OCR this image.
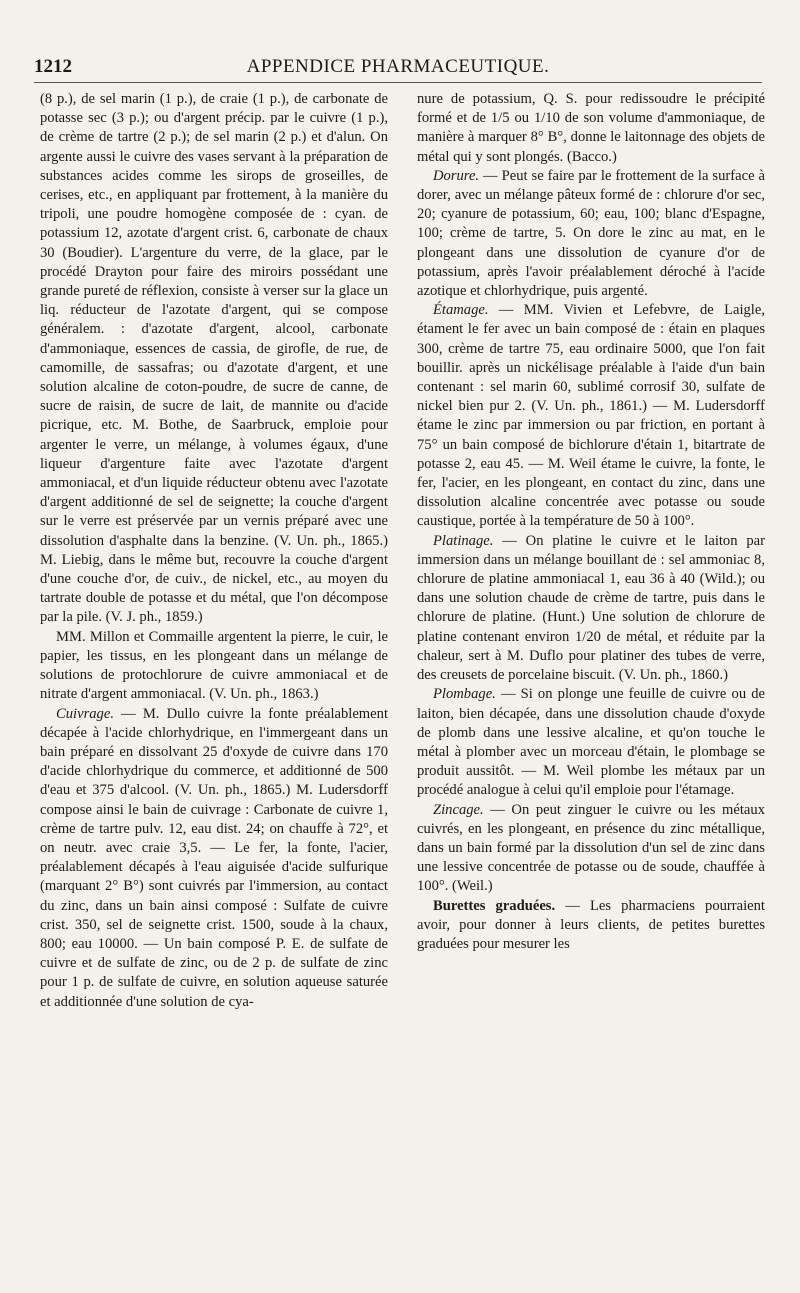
1212	APPENDICE PHARMACEUTIQUE.

(8 p.), de sel marin (1 p.), de craie (1 p.), de carbonate de potasse sec (3 p.); ou d'argent précip. par le cuivre (1 p.), de crème de tartre (2 p.); de sel marin (2 p.) et d'alun. On argente aussi le cuivre des vases servant à la préparation de substances acides comme les sirops de groseilles, de cerises, etc., en appliquant par frottement, à la manière du tripoli, une poudre homogène composée de : cyan. de potassium 12, azotate d'argent crist. 6, carbonate de chaux 30 (Boudier). L'argenture du verre, de la glace, par le procédé Drayton pour faire des miroirs possédant une grande pureté de réflexion, consiste à verser sur la glace un liq. réducteur de l'azotate d'argent, qui se compose généralem. : d'azotate d'argent, alcool, carbonate d'ammoniaque, essences de cassia, de girofle, de rue, de camomille, de sassafras; ou d'azotate d'argent, et une solution alcaline de coton-poudre, de sucre de canne, de sucre de raisin, de sucre de lait, de mannite ou d'acide picrique, etc. M. Bothe, de Saarbruck, emploie pour argenter le verre, un mélange, à volumes égaux, d'une liqueur d'argenture faite avec l'azotate d'argent ammoniacal, et d'un liquide réducteur obtenu avec l'azotate d'argent additionné de sel de seignette; la couche d'argent sur le verre est préservée par un vernis préparé avec une dissolution d'asphalte dans la benzine. (V. Un. ph., 1865.) M. Liebig, dans le même but, recouvre la couche d'argent d'une couche d'or, de cuiv., de nickel, etc., au moyen du tartrate double de potasse et du métal, que l'on décompose par la pile. (V. J. ph., 1859.)

MM. Millon et Commaille argentent la pierre, le cuir, le papier, les tissus, en les plongeant dans un mélange de solutions de protochlorure de cuivre ammoniacal et de nitrate d'argent ammoniacal. (V. Un. ph., 1863.)

Cuivrage. — M. Dullo cuivre la fonte préalablement décapée à l'acide chlorhydrique, en l'immergeant dans un bain préparé en dissolvant 25 d'oxyde de cuivre dans 170 d'acide chlorhydrique du commerce, et additionné de 500 d'eau et 375 d'alcool. (V. Un. ph., 1865.) M. Ludersdorff compose ainsi le bain de cuivrage : Carbonate de cuivre 1, crème de tartre pulv. 12, eau dist. 24; on chauffe à 72°, et on neutr. avec craie 3,5. — Le fer, la fonte, l'acier, préalablement décapés à l'eau aiguisée d'acide sulfurique (marquant 2° B°) sont cuivrés par l'immersion, au contact du zinc, dans un bain ainsi composé : Sulfate de cuivre crist. 350, sel de seignette crist. 1500, soude à la chaux, 800; eau 10000. — Un bain composé P. E. de sulfate de cuivre et de sulfate de zinc, ou de 2 p. de sulfate de zinc pour 1 p. de sulfate de cuivre, en solution aqueuse saturée et additionnée d'une solution de cya-

nure de potassium, Q. S. pour redissoudre le précipité formé et de 1/5 ou 1/10 de son volume d'ammoniaque, de manière à marquer 8° B°, donne le laitonnage des objets de métal qui y sont plongés. (Bacco.)

Dorure. — Peut se faire par le frottement de la surface à dorer, avec un mélange pâteux formé de : chlorure d'or sec, 20; cyanure de potassium, 60; eau, 100; blanc d'Espagne, 100; crème de tartre, 5. On dore le zinc au mat, en le plongeant dans une dissolution de cyanure d'or de potassium, après l'avoir préalablement déroché à l'acide azotique et chlorhydrique, puis argenté.

Étamage. — MM. Vivien et Lefebvre, de Laigle, étament le fer avec un bain composé de : étain en plaques 300, crème de tartre 75, eau ordinaire 5000, que l'on fait bouillir. après un nickélisage préalable à l'aide d'un bain contenant : sel marin 60, sublimé corrosif 30, sulfate de nickel bien pur 2. (V. Un. ph., 1861.) — M. Ludersdorff étame le zinc par immersion ou par friction, en portant à 75° un bain composé de bichlorure d'étain 1, bitartrate de potasse 2, eau 45. — M. Weil étame le cuivre, la fonte, le fer, l'acier, en les plongeant, en contact du zinc, dans une dissolution alcaline concentrée avec potasse ou soude caustique, portée à la température de 50 à 100°.

Platinage. — On platine le cuivre et le laiton par immersion dans un mélange bouillant de : sel ammoniac 8, chlorure de platine ammoniacal 1, eau 36 à 40 (Wild.); ou dans une solution chaude de crème de tartre, puis dans le chlorure de platine. (Hunt.) Une solution de chlorure de platine contenant environ 1/20 de métal, et réduite par la chaleur, sert à M. Duflo pour platiner des tubes de verre, des creusets de porcelaine biscuit. (V. Un. ph., 1860.)

Plombage. — Si on plonge une feuille de cuivre ou de laiton, bien décapée, dans une dissolution chaude d'oxyde de plomb dans une lessive alcaline, et qu'on touche le métal à plomber avec un morceau d'étain, le plombage se produit aussitôt. — M. Weil plombe les métaux par un procédé analogue à celui qu'il emploie pour l'étamage.

Zincage. — On peut zinguer le cuivre ou les métaux cuivrés, en les plongeant, en présence du zinc métallique, dans un bain formé par la dissolution d'un sel de zinc dans une lessive concentrée de potasse ou de soude, chauffée à 100°. (Weil.)

Burettes graduées. — Les pharmaciens pourraient avoir, pour donner à leurs clients, de petites burettes graduées pour mesurer les
